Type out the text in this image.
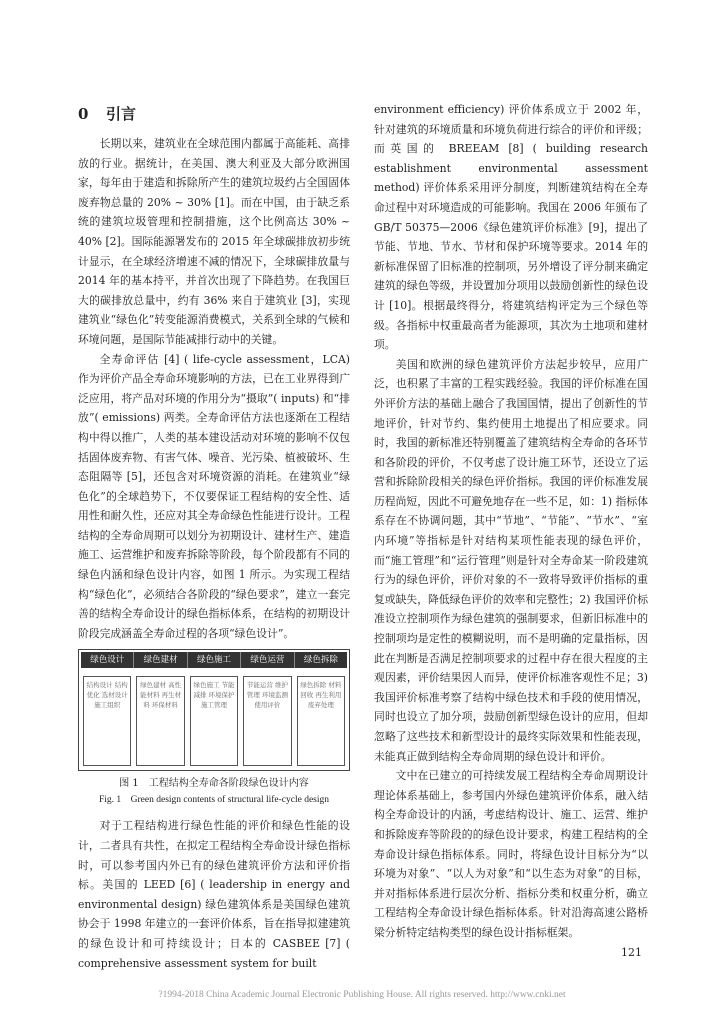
0 引言

长期以来，建筑业在全球范围内都属于高能耗、高排放的行业。据统计，在美国、澳大利亚及大部分欧洲国家，每年由于建造和拆除所产生的建筑垃圾约占全国固体废弃物总量的 20% ~ 30% [1]。而在中国，由于缺乏系统的建筑垃圾管理和控制措施，这个比例高达 30% ~ 40% [2]。国际能源署发布的 2015 年全球碳排放初步统计显示，在全球经济增速不减的情况下，全球碳排放量与 2014 年的基本持平，并首次出现了下降趋势。在我国巨大的碳排放总量中，约有 36% 来自于建筑业 [3]，实现建筑业“绿色化”转变能源消费模式，关系到全球的气候和环境问题，是国际节能减排行动中的关键。

全寿命评估 [4] ( life-cycle assessment，LCA) 作为评价产品全寿命环境影响的方法，已在工业界得到广泛应用，将产品对环境的作用分为“摄取”( inputs) 和“排放”( emissions) 两类。全寿命评估方法也逐渐在工程结构中得以推广，人类的基本建设活动对环境的影响不仅包括固体废弃物、有害气体、噪音、光污染、植被破坏、生态阻隔等 [5]，还包含对环境资源的消耗。在建筑业“绿色化”的全球趋势下，不仅要保证工程结构的安全性、适用性和耐久性，还应对其全寿命绿色性能进行设计。工程结构的全寿命周期可以划分为初期设计、建材生产、建造施工、运营维护和废弃拆除等阶段，每个阶段都有不同的绿色内涵和绿色设计内容，如图 1 所示。为实现工程结构“绿色化”，必须结合各阶段的“绿色要求”，建立一套完善的结构全寿命设计的绿色指标体系，在结构的初期设计阶段完成涵盖全寿命过程的各项“绿色设计”。

绿色设计	绿色建材	绿色施工	绿色运营	绿色拆除
结构设计 结构优化 选材设计 施工组织
绿色建材 高性能材料 再生材料 环保材料
绿色施工 节能减排 环境保护 施工管理
节能运营 维护管理 环境监测 使用评价
绿色拆除 材料回收 再生利用 废弃处理

图 1　工程结构全寿命各阶段绿色设计内容

Fig. 1　Green design contents of structural life-cycle design

对于工程结构进行绿色性能的评价和绿色性能的设计，二者具有共性，在拟定工程结构全寿命设计绿色指标时，可以参考国内外已有的绿色建筑评价方法和评价指标。美国的 LEED [6] ( leadership in energy and environmental design) 绿色建筑体系是美国绿色建筑协会于 1998 年建立的一套评价体系，旨在指导拟建建筑的绿色设计和可持续设计；日本的 CASBEE [7] ( comprehensive assessment system for built

environment efficiency) 评价体系成立于 2002 年，针对建筑的环境质量和环境负荷进行综合的评价和评级；而英国的 BREEAM [8] ( building research establishment environmental assessment method) 评价体系采用评分制度，判断建筑结构在全寿命过程中对环境造成的可能影响。我国在 2006 年颁布了 GB/T 50375—2006《绿色建筑评价标准》[9]，提出了节能、节地、节水、节材和保护环境等要求。2014 年的新标准保留了旧标准的控制项，另外增设了评分制来确定建筑的绿色等级，并设置加分项用以鼓励创新性的绿色设计 [10]。根据最终得分，将建筑结构评定为三个绿色等级。各指标中权重最高者为能源项，其次为土地项和建材项。

美国和欧洲的绿色建筑评价方法起步较早，应用广泛，也积累了丰富的工程实践经验。我国的评价标准在国外评价方法的基础上融合了我国国情，提出了创新性的节地评价，针对节约、集约使用土地提出了相应要求。同时，我国的新标准还特别覆盖了建筑结构全寿命的各环节和各阶段的评价，不仅考虑了设计施工环节，还设立了运营和拆除阶段相关的绿色评价指标。我国的评价标准发展历程尚短，因此不可避免地存在一些不足，如：1) 指标体系存在不协调问题，其中“节地”、“节能”、“节水”、“室内环境”等指标是针对结构某项性能表现的绿色评价，而“施工管理”和“运行管理”则是针对全寿命某一阶段建筑行为的绿色评价，评价对象的不一致将导致评价指标的重复或缺失，降低绿色评价的效率和完整性；2) 我国评价标准设立控制项作为绿色建筑的强制要求，但新旧标准中的控制项均是定性的模糊说明，而不是明确的定量指标，因此在判断是否满足控制项要求的过程中存在很大程度的主观因素，评价结果因人而异，使评价标准客观性不足；3) 我国评价标准考察了结构中绿色技术和手段的使用情况，同时也设立了加分项，鼓励创新型绿色设计的应用，但却忽略了这些技术和新型设计的最终实际效果和性能表现，未能真正做到结构全寿命周期的绿色设计和评价。

文中在已建立的可持续发展工程结构全寿命周期设计理论体系基础上，参考国内外绿色建筑评价体系，融入结构全寿命设计的内涵，考虑结构设计、施工、运营、维护和拆除废弃等阶段的的绿色设计要求，构建工程结构的全寿命设计绿色指标体系。同时，将绿色设计目标分为“以环境为对象”、“以人为对象”和“以生态为对象”的目标，并对指标体系进行层次分析、指标分类和权重分析，确立工程结构全寿命设计绿色指标体系。针对沿海高速公路桥梁分析特定结构类型的绿色设计指标框架。

121
?1994-2018 China Academic Journal Electronic Publishing House. All rights reserved. http://www.cnki.net
